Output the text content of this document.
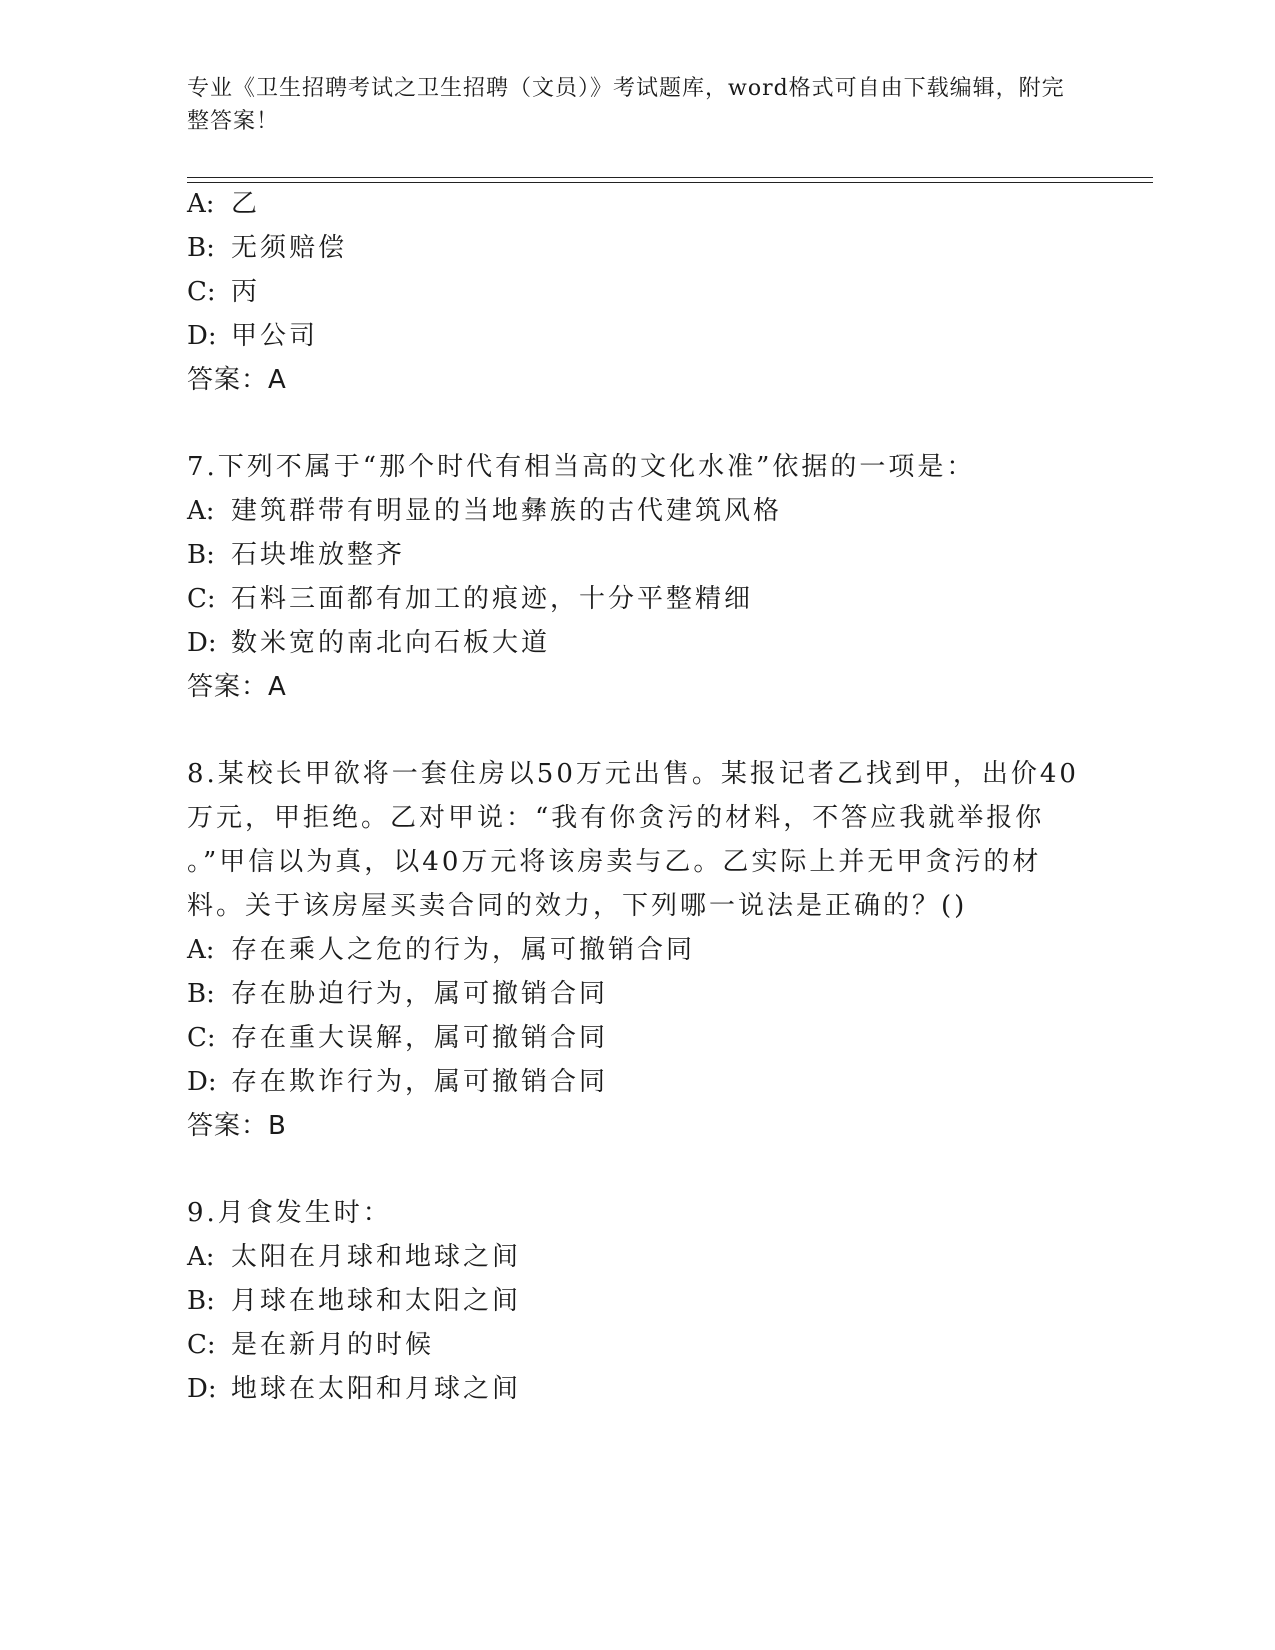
专业《卫生招聘考试之卫生招聘（文员）》考试题库，word格式可自由下载编辑，附完整答案！
A: 乙
B: 无须赔偿
C: 丙
D: 甲公司
答案：A
7.下列不属于“那个时代有相当高的文化水准”依据的一项是：
A: 建筑群带有明显的当地彝族的古代建筑风格
B: 石块堆放整齐
C: 石料三面都有加工的痕迹，十分平整精细
D: 数米宽的南北向石板大道
答案：A
8.某校长甲欲将一套住房以50万元出售。某报记者乙找到甲，出价40
万元，甲拒绝。乙对甲说：“我有你贪污的材料，不答应我就举报你
。”甲信以为真，以40万元将该房卖与乙。乙实际上并无甲贪污的材
料。关于该房屋买卖合同的效力，下列哪一说法是正确的？()
A: 存在乘人之危的行为，属可撤销合同
B: 存在胁迫行为，属可撤销合同
C: 存在重大误解，属可撤销合同
D: 存在欺诈行为，属可撤销合同
答案：B
9.月食发生时：
A: 太阳在月球和地球之间
B: 月球在地球和太阳之间
C: 是在新月的时候
D: 地球在太阳和月球之间
